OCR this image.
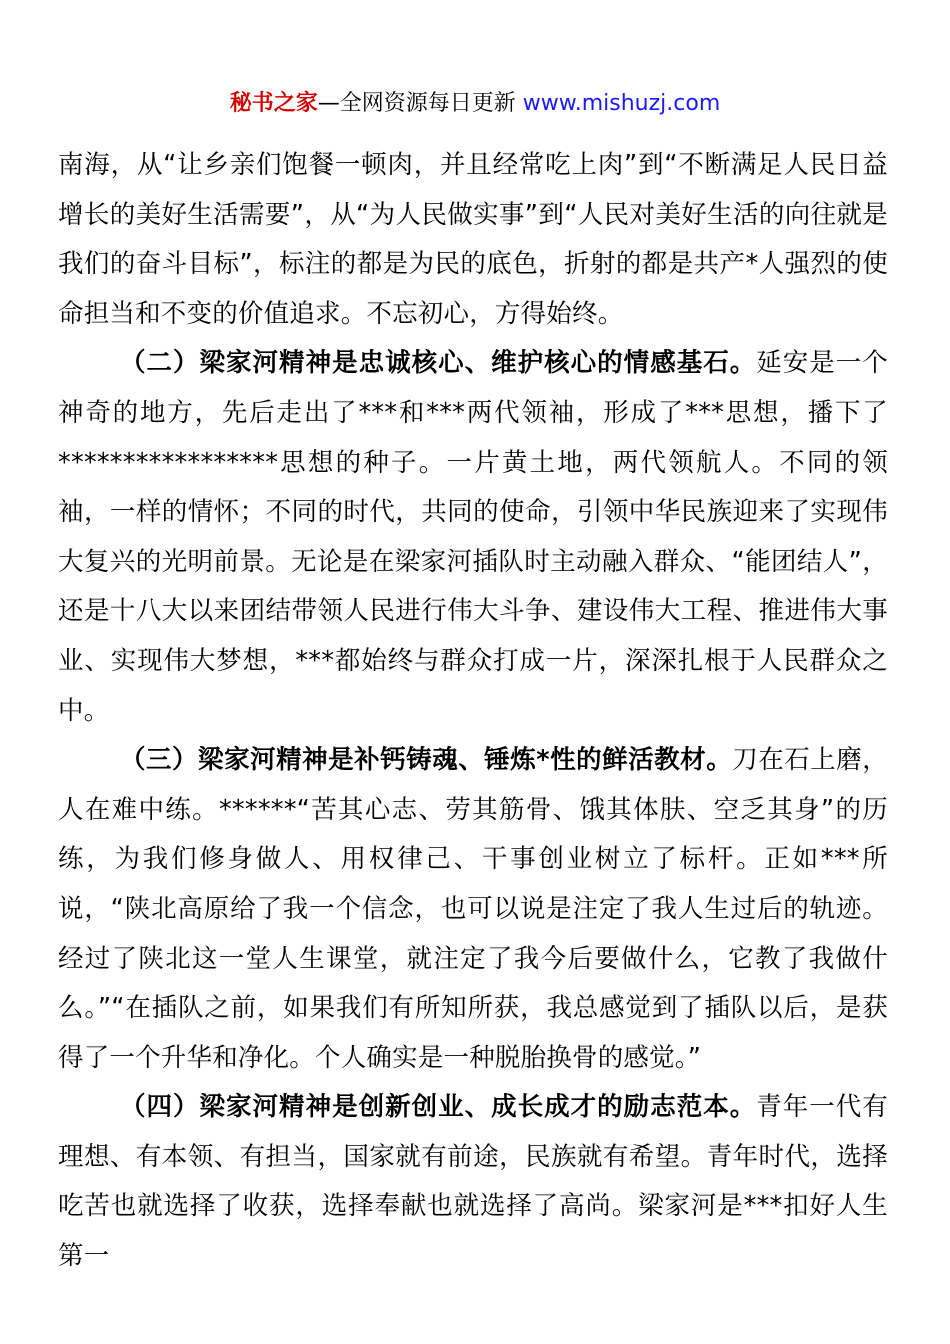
秘书之家—全网资源每日更新 www.mishuzj.com

南海，从“让乡亲们饱餐一顿肉，并且经常吃上肉”到“不断满足人民日益增长的美好生活需要”，从“为人民做实事”到“人民对美好生活的向往就是我们的奋斗目标”，标注的都是为民的底色，折射的都是共产*人强烈的使命担当和不变的价值追求。不忘初心，方得始终。

（二）梁家河精神是忠诚核心、维护核心的情感基石。延安是一个神奇的地方，先后走出了***和***两代领袖，形成了***思想，播下了*****************思想的种子。一片黄土地，两代领航人。不同的领袖，一样的情怀；不同的时代，共同的使命，引领中华民族迎来了实现伟大复兴的光明前景。无论是在梁家河插队时主动融入群众、“能团结人”，还是十八大以来团结带领人民进行伟大斗争、建设伟大工程、推进伟大事业、实现伟大梦想，***都始终与群众打成一片，深深扎根于人民群众之中。

（三）梁家河精神是补钙铸魂、锤炼*性的鲜活教材。刀在石上磨，人在难中练。******“苦其心志、劳其筋骨、饿其体肤、空乏其身”的历练，为我们修身做人、用权律己、干事创业树立了标杆。正如***所说，“陕北高原给了我一个信念，也可以说是注定了我人生过后的轨迹。经过了陕北这一堂人生课堂，就注定了我今后要做什么，它教了我做什么。”“在插队之前，如果我们有所知所获，我总感觉到了插队以后，是获得了一个升华和净化。个人确实是一种脱胎换骨的感觉。”

（四）梁家河精神是创新创业、成长成才的励志范本。青年一代有理想、有本领、有担当，国家就有前途，民族就有希望。青年时代，选择吃苦也就选择了收获，选择奉献也就选择了高尚。梁家河是***扣好人生第一
